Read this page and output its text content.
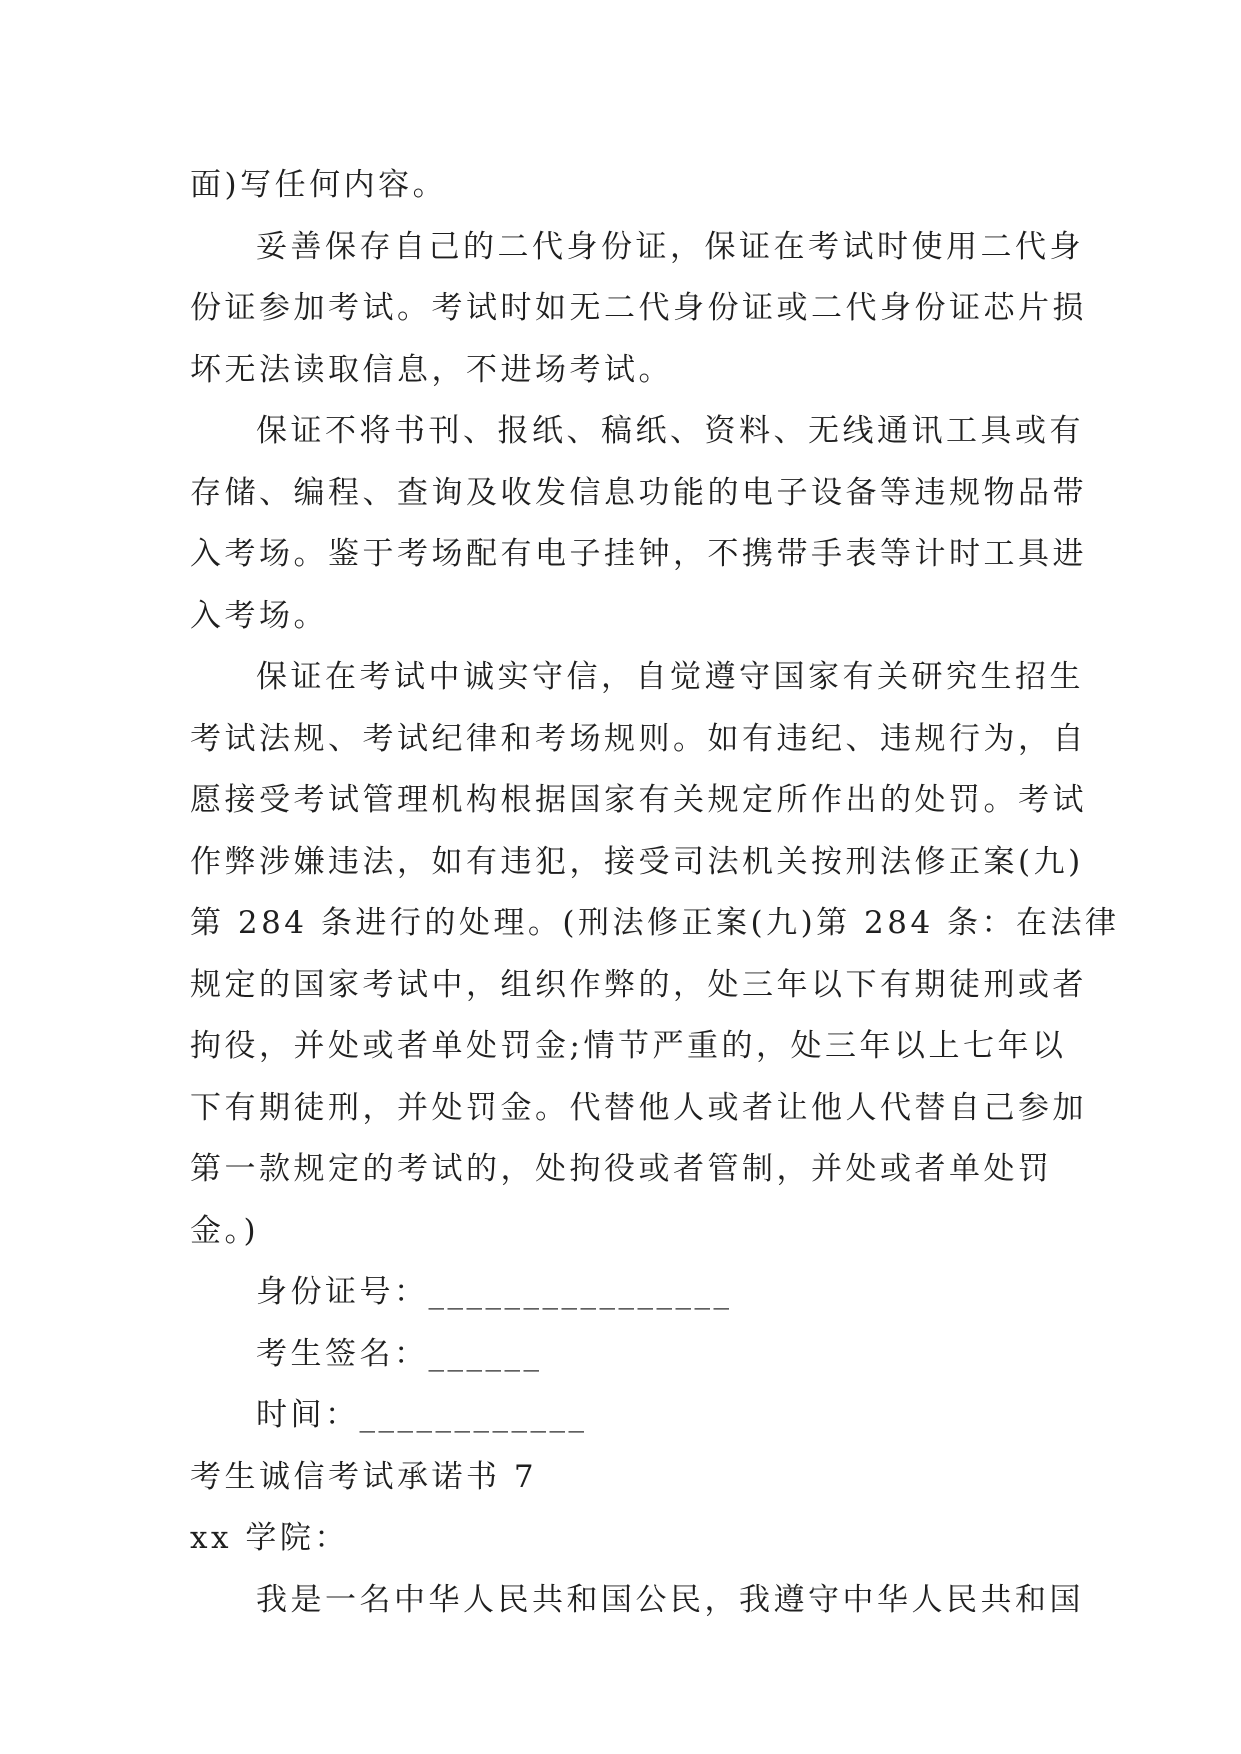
面)写任何内容。
妥善保存自己的二代身份证，保证在考试时使用二代身
份证参加考试。考试时如无二代身份证或二代身份证芯片损
坏无法读取信息，不进场考试。
保证不将书刊、报纸、稿纸、资料、无线通讯工具或有
存储、编程、查询及收发信息功能的电子设备等违规物品带
入考场。鉴于考场配有电子挂钟，不携带手表等计时工具进
入考场。
保证在考试中诚实守信，自觉遵守国家有关研究生招生
考试法规、考试纪律和考场规则。如有违纪、违规行为，自
愿接受考试管理机构根据国家有关规定所作出的处罚。考试
作弊涉嫌违法，如有违犯，接受司法机关按刑法修正案(九)
第 284 条进行的处理。(刑法修正案(九)第 284 条：在法律
规定的国家考试中，组织作弊的，处三年以下有期徒刑或者
拘役，并处或者单处罚金;情节严重的，处三年以上七年以
下有期徒刑，并处罚金。代替他人或者让他人代替自己参加
第一款规定的考试的，处拘役或者管制，并处或者单处罚
金。)
身份证号：________________
考生签名：______
时间：____________
考生诚信考试承诺书 7
xx 学院：
我是一名中华人民共和国公民，我遵守中华人民共和国
